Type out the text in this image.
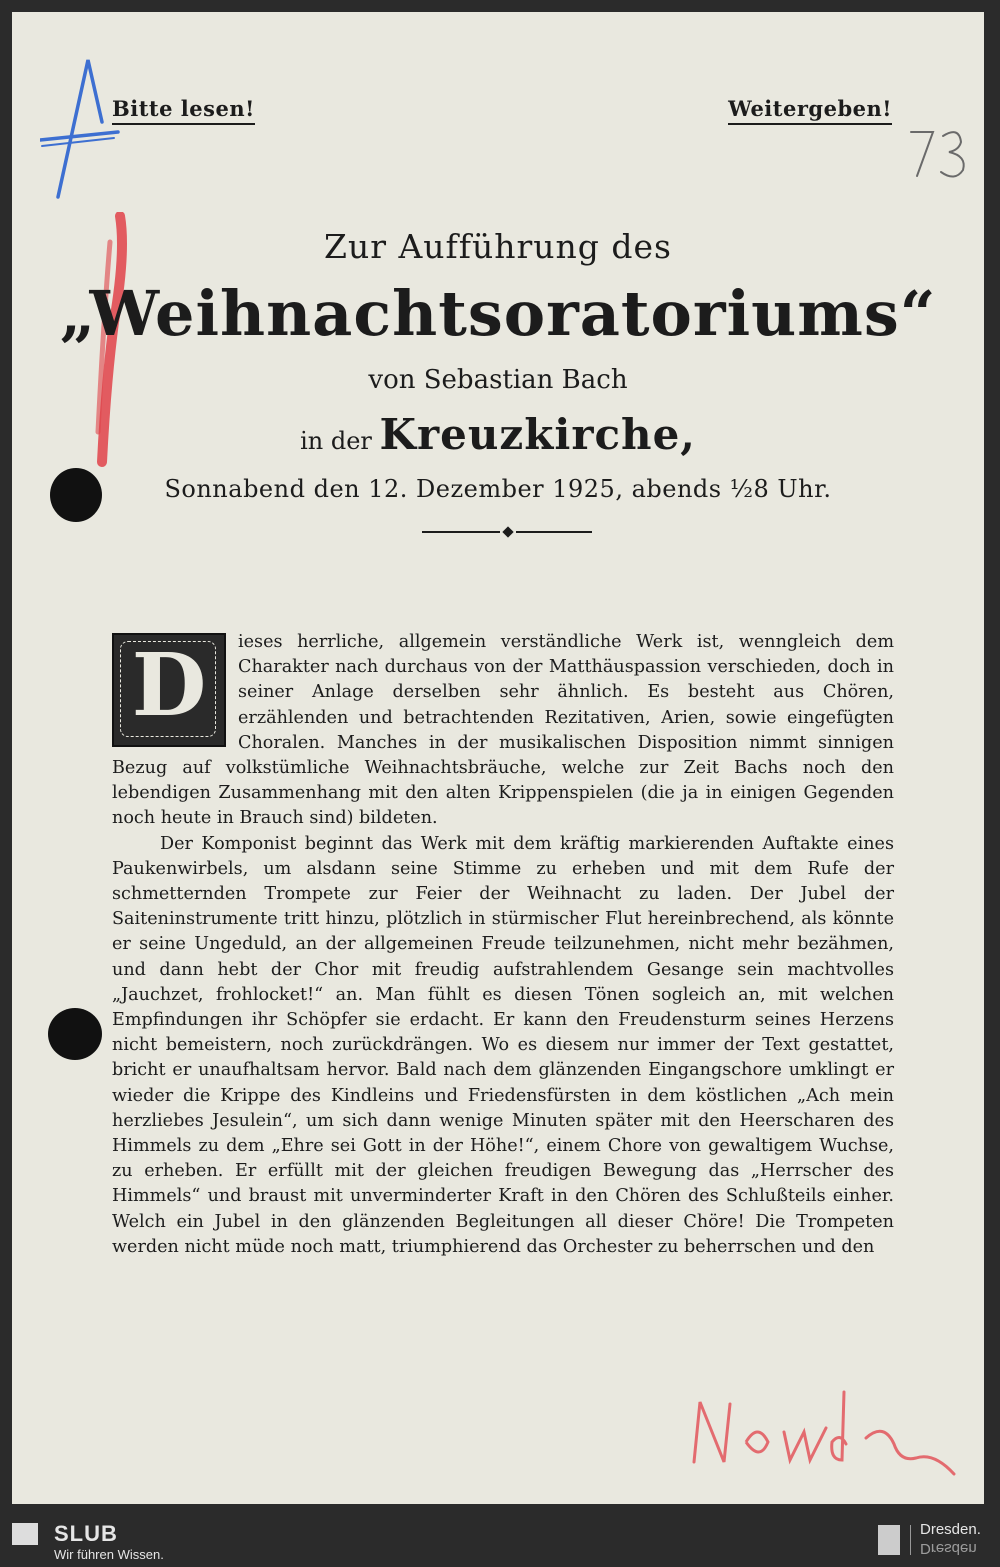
Bitte lesen!	Weitergeben!
Zur Aufführung des
„Weihnachtsoratoriums“
von Sebastian Bach
in der Kreuzkirche,
Sonnabend den 12. Dezember 1925, abends ½8 Uhr.

D	ieses herrliche, allgemein verständliche Werk ist, wenngleich dem Charakter nach durchaus von der Matthäuspassion verschieden, doch in seiner Anlage derselben sehr ähnlich. Es besteht aus Chören, erzählenden und betrachtenden Rezitativen, Arien, sowie eingefügten Choralen. Manches in der musikalischen Disposition nimmt sinnigen Bezug auf volkstümliche Weihnachtsbräuche, welche zur Zeit Bachs noch den lebendigen Zusammenhang mit den alten Krippenspielen (die ja in einigen Gegenden noch heute in Brauch sind) bildeten.

Der Komponist beginnt das Werk mit dem kräftig markierenden Auftakte eines Paukenwirbels, um alsdann seine Stimme zu erheben und mit dem Rufe der schmetternden Trompete zur Feier der Weihnacht zu laden. Der Jubel der Saiteninstrumente tritt hinzu, plötzlich in stürmischer Flut hereinbrechend, als könnte er seine Ungeduld, an der allgemeinen Freude teilzunehmen, nicht mehr bezähmen, und dann hebt der Chor mit freudig aufstrahlendem Gesange sein machtvolles „Jauchzet, frohlocket!“ an. Man fühlt es diesen Tönen sogleich an, mit welchen Empfindungen ihr Schöpfer sie erdacht. Er kann den Freudensturm seines Herzens nicht bemeistern, noch zurückdrängen. Wo es diesem nur immer der Text gestattet, bricht er unaufhaltsam hervor. Bald nach dem glänzenden Eingangschore umklingt er wieder die Krippe des Kindleins und Friedensfürsten in dem köstlichen „Ach mein herzliebes Jesulein“, um sich dann wenige Minuten später mit den Heerscharen des Himmels zu dem „Ehre sei Gott in der Höhe!“, einem Chore von gewaltigem Wuchse, zu erheben. Er erfüllt mit der gleichen freudigen Bewegung das „Herrscher des Himmels“ und braust mit unverminderter Kraft in den Chören des Schlußteils einher. Welch ein Jubel in den glänzenden Begleitungen all dieser Chöre! Die Trompeten werden nicht müde noch matt, triumphierend das Orchester zu beherrschen und den

SLUB
Wir führen Wissen.
Dresden.
Dresden
